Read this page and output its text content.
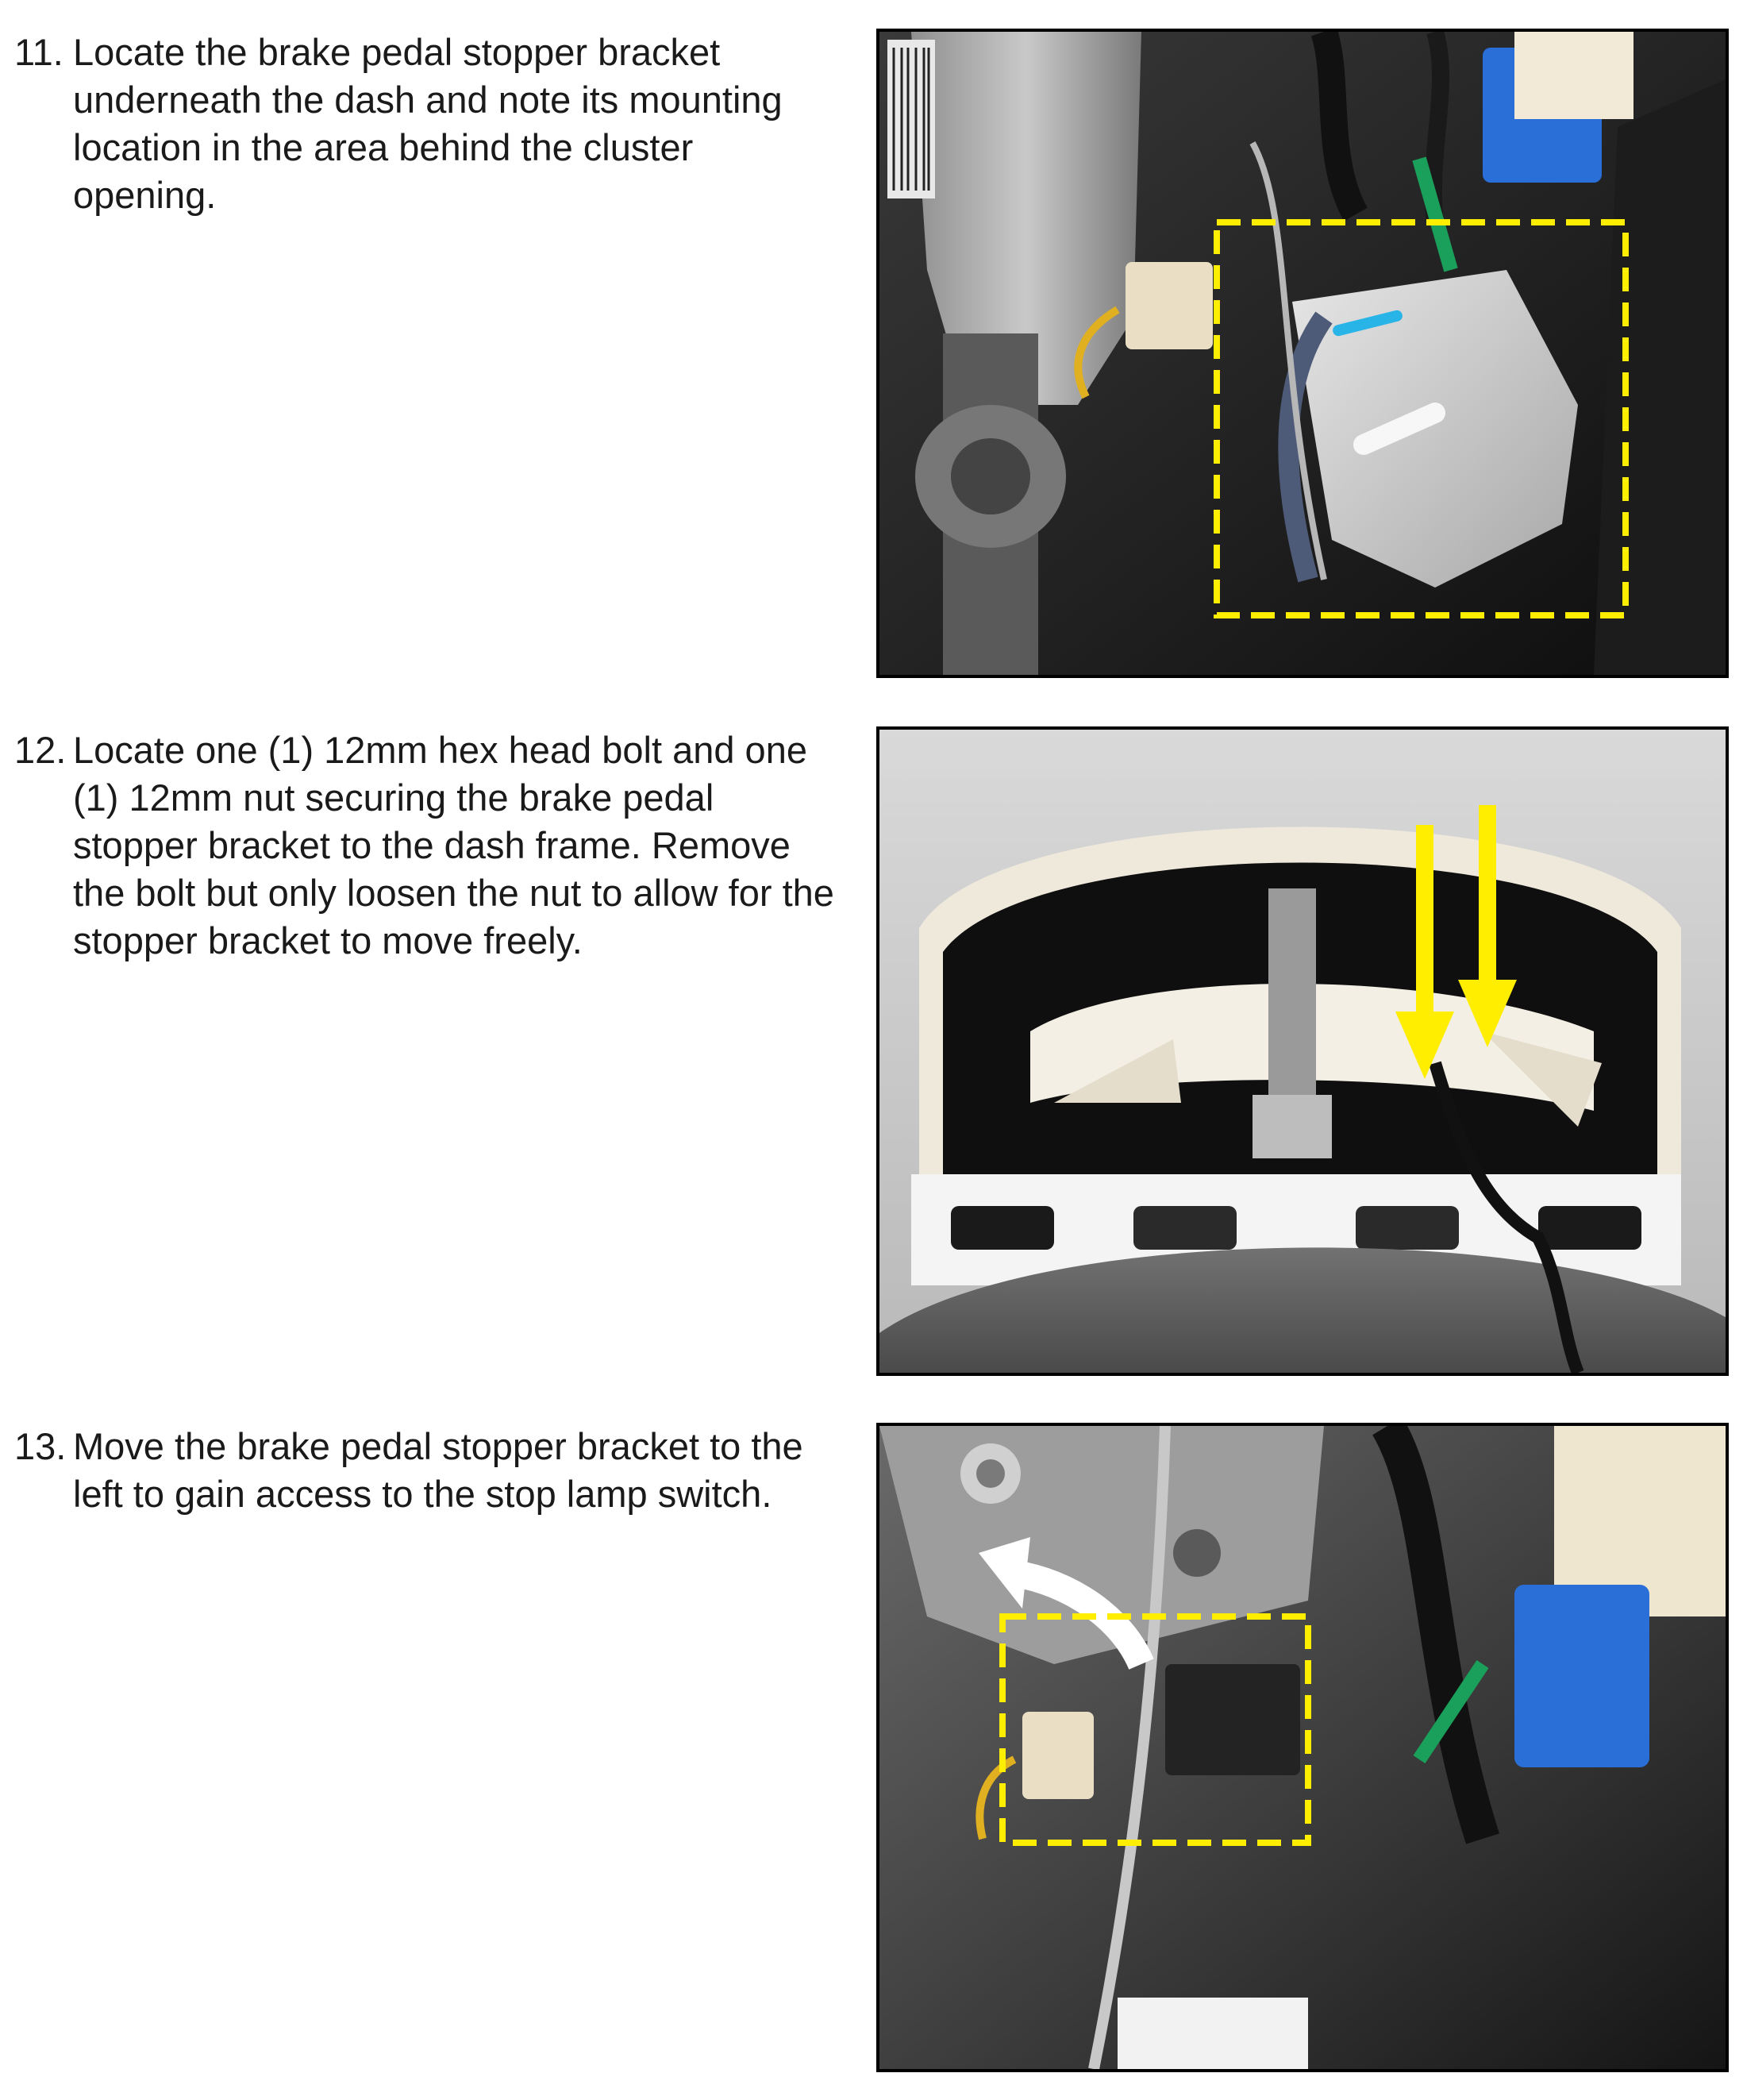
11. Locate the brake pedal stopper bracket underneath the dash and note its mounting location in the area behind the cluster opening.
12. Locate one (1) 12mm hex head bolt and one (1) 12mm nut securing the brake pedal stopper bracket to the dash frame. Remove the bolt but only loosen the nut to allow for the stopper bracket to move freely.
13. Move the brake pedal stopper bracket to the left to gain access to the stop lamp switch.
